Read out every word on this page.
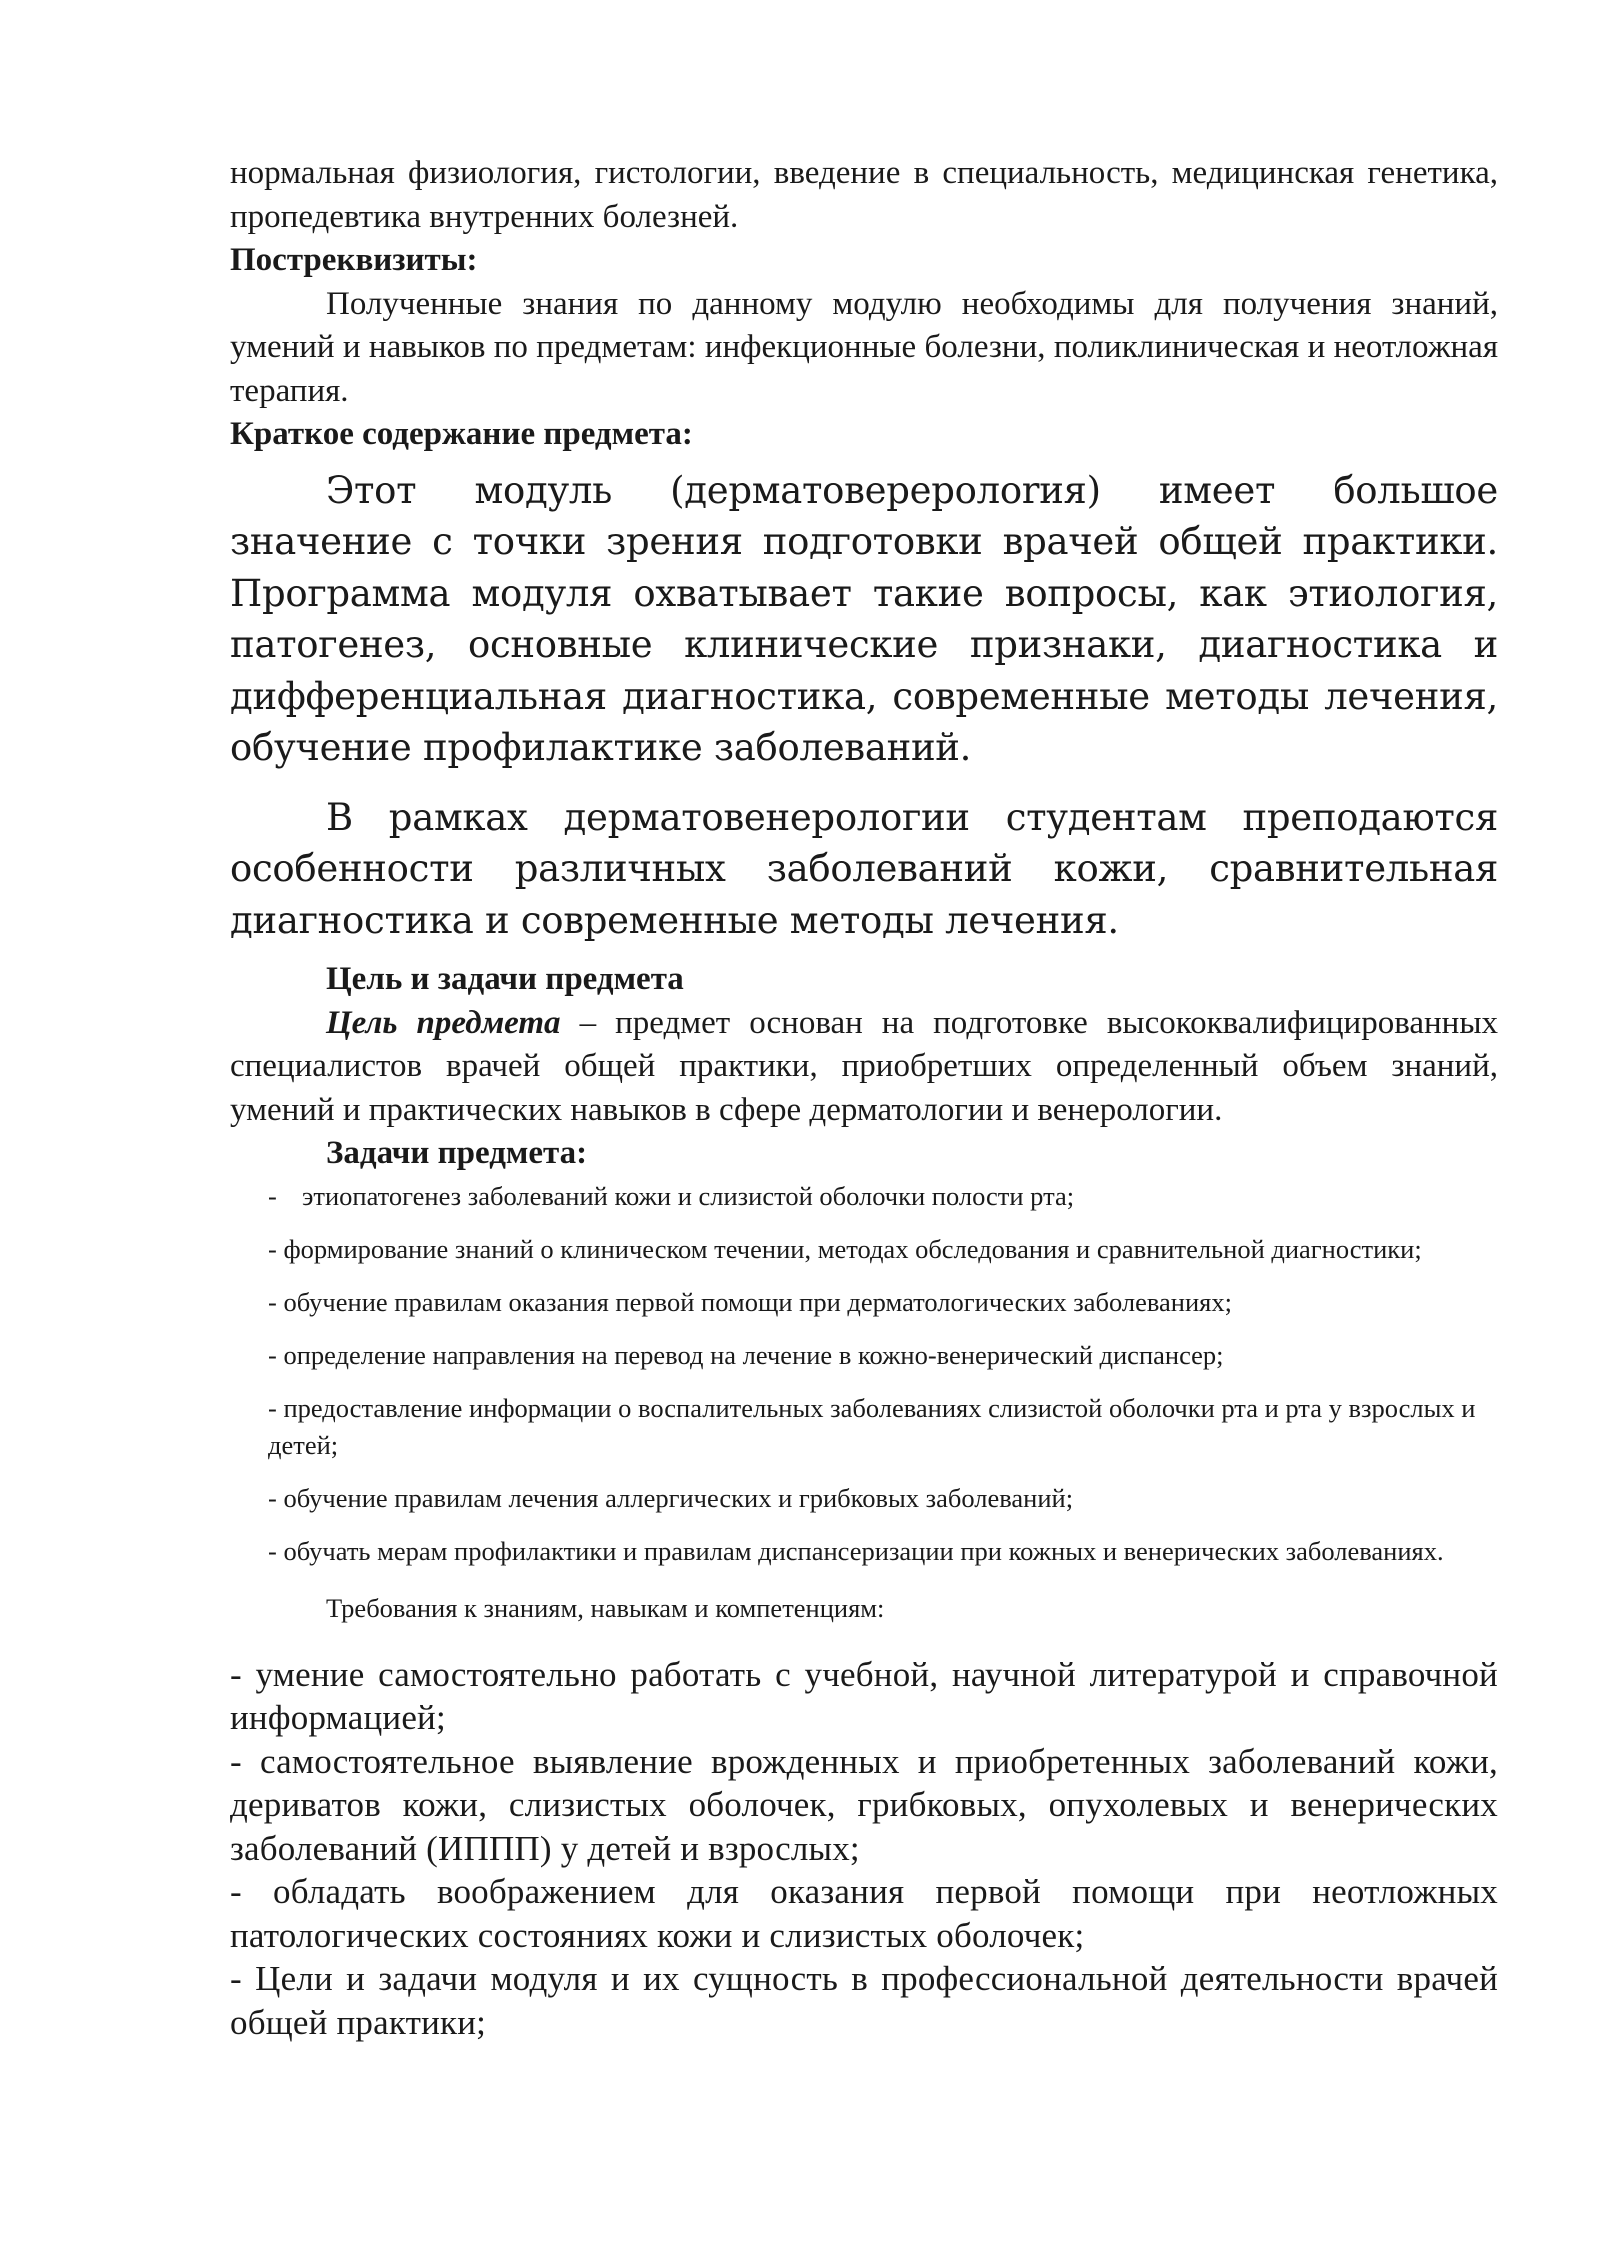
нормальная физиология, гистологии, введение в специальность, медицинская генетика, пропедевтика внутренних болезней.

Постреквизиты:

Полученные знания по данному модулю необходимы для получения знаний, умений и навыков по предметам: инфекционные болезни, поликлиническая и неотложная терапия.

Краткое содержание предмета:

Этот модуль (дерматовереролоrия) имеет большое значение с точки зрения подготовки врачей общей практики. Программа модуля охватывает такие вопросы, как этиология, патогенез, основные клинические признаки, диагностика и дифференциальная диагностика, современные методы лечения, обучение профилактике заболеваний.

В рамках дерматовенерологии студентам преподаются особенности различных заболеваний кожи, сравнительная диагностика и современные методы лечения.

Цель и задачи предмета

Цель предмета – предмет основан на подготовке высококвалифицированных специалистов врачей общей практики, приобретших определенный объем знаний, умений и практических навыков в сфере дерматологии и венерологии.

Задачи предмета:

- этиопатогенез заболеваний кожи и слизистой оболочки полости рта;
- формирование знаний о клиническом течении, методах обследования и сравнительной диагностики;
- обучение правилам оказания первой помощи при дерматологических заболеваниях;
- определение направления на перевод на лечение в кожно-венерический диспансер;
- предоставление информации о воспалительных заболеваниях слизистой оболочки рта и рта у взрослых и детей;
- обучение правилам лечения аллергических и грибковых заболеваний;
- обучать мерам профилактики и правилам диспансеризации при кожных и венерических заболеваниях.

Требования к знаниям, навыкам и компетенциям:

- умение самостоятельно работать с учебной, научной литературой и справочной информацией;

- самостоятельное выявление врожденных и приобретенных заболеваний кожи, дериватов кожи, слизистых оболочек, грибковых, опухолевых и венерических заболеваний (ИППП) у детей и взрослых;

- обладать воображением для оказания первой помощи при неотложных патологических состояниях кожи и слизистых оболочек;

- Цели и задачи модуля и их сущность в профессиональной деятельности врачей общей практики;
